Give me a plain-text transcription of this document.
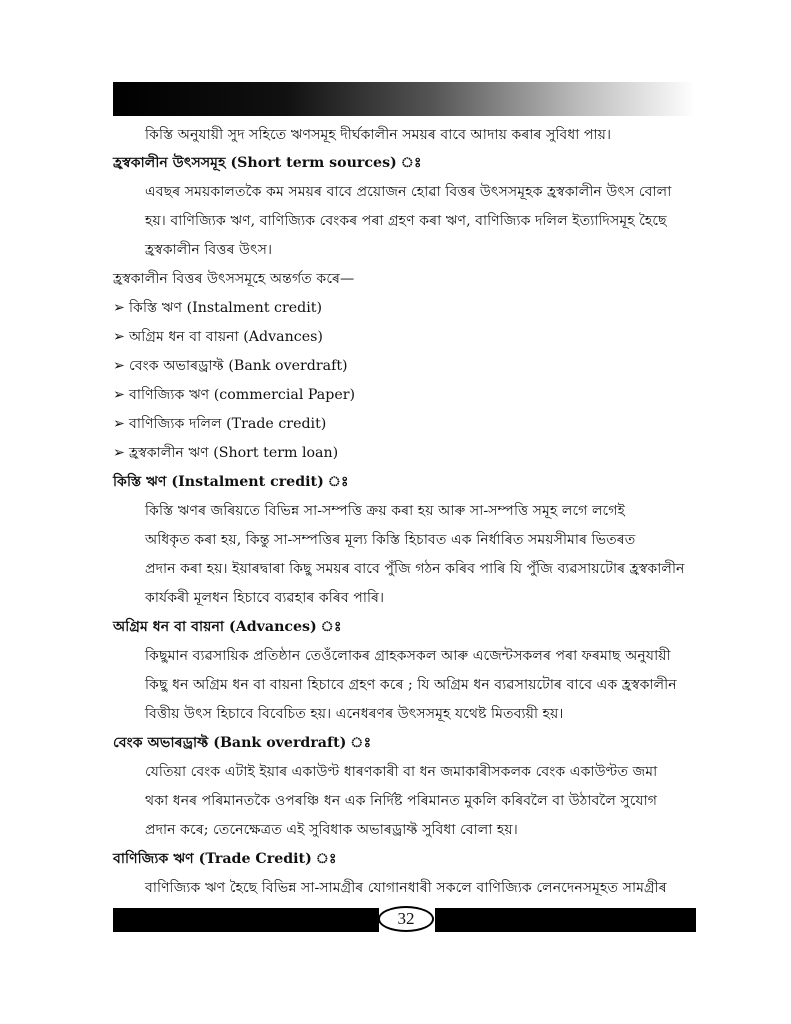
কিস্তি অনুযায়ী সুদ সহিতে ঋণসমূহ দীৰ্ঘকালীন সময়ৰ বাবে আদায় কৰাৰ সুবিধা পায়।
হ্ৰস্বকালীন উৎসসমূহ (Short term sources) ঃ
এবছৰ সময়কালতকৈ কম সময়ৰ বাবে প্ৰয়োজন হোৱা বিত্তৰ উৎসসমূহক হ্ৰস্বকালীন উৎস বোলা
হয়। বাণিজ্যিক ঋণ, বাণিজ্যিক বেংকৰ পৰা গ্ৰহণ কৰা ঋণ, বাণিজ্যিক দলিল ইত্যাদিসমূহ হৈছে
হ্ৰস্বকালীন বিত্তৰ উৎস।
হ্ৰস্বকালীন বিত্তৰ উৎসসমূহে অন্তৰ্গত কৰে—
➢ কিস্তি ঋণ (Instalment credit)
➢ অগ্ৰিম ধন বা বায়না (Advances)
➢ বেংক অভাৰড্ৰাফ্ট (Bank overdraft)
➢ বাণিজ্যিক ঋণ (commercial Paper)
➢ বাণিজ্যিক দলিল (Trade credit)
➢ হ্ৰস্বকালীন ঋণ (Short term loan)
কিস্তি ঋণ (Instalment credit) ঃ
কিস্তি ঋণৰ জৰিয়তে বিভিন্ন সা-সম্পত্তি ক্ৰয় কৰা হয় আৰু সা-সম্পত্তি সমূহ লগে লগেই
অধিকৃত কৰা হয়, কিন্তু সা-সম্পত্তিৰ মূল্য কিস্তি হিচাবত এক নিৰ্ধাৰিত সময়সীমাৰ ভিতৰত
প্ৰদান কৰা হয়। ইয়াৰদ্বাৰা কিছু সময়ৰ বাবে পুঁজি গঠন কৰিব পাৰি যি পুঁজি ব্যৱসায়টোৰ হ্ৰস্বকালীন
কাৰ্যকৰী মূলধন হিচাবে ব্যৱহাৰ কৰিব পাৰি।
অগ্ৰিম ধন বা বায়না (Advances) ঃ
কিছুমান ব্যৱসায়িক প্ৰতিষ্ঠান তেওঁলোকৰ গ্ৰাহকসকল আৰু এজেন্টসকলৰ পৰা ফৰমাছ অনুযায়ী
কিছু ধন অগ্ৰিম ধন বা বায়না হিচাবে গ্ৰহণ কৰে ; যি অগ্ৰিম ধন ব্যৱসায়টোৰ বাবে এক হ্ৰস্বকালীন
বিত্তীয় উৎস হিচাবে বিবেচিত হয়। এনেধৰণৰ উৎসসমূহ যথেষ্ট মিতব্যয়ী হয়।
বেংক অভাৰড্ৰাফ্ট (Bank overdraft) ঃ
যেতিয়া বেংক এটাই ইয়াৰ একাউণ্ট ধাৰণকাৰী বা ধন জমাকাৰীসকলক বেংক একাউণ্টত জমা
থকা ধনৰ পৰিমানতকৈ ওপৰঞ্চি ধন এক নিৰ্দিষ্ট পৰিমানত মুকলি কৰিবলৈ বা উঠাবলৈ সুযোগ
প্ৰদান কৰে; তেনেক্ষেত্ৰত এই সুবিধাক অভাৰড্ৰাফ্ট সুবিধা বোলা হয়।
বাণিজ্যিক ঋণ (Trade Credit) ঃ
বাণিজ্যিক ঋণ হৈছে বিভিন্ন সা-সামগ্ৰীৰ যোগানধাৰী সকলে বাণিজ্যিক লেনদেনসমূহত সামগ্ৰীৰ
32
